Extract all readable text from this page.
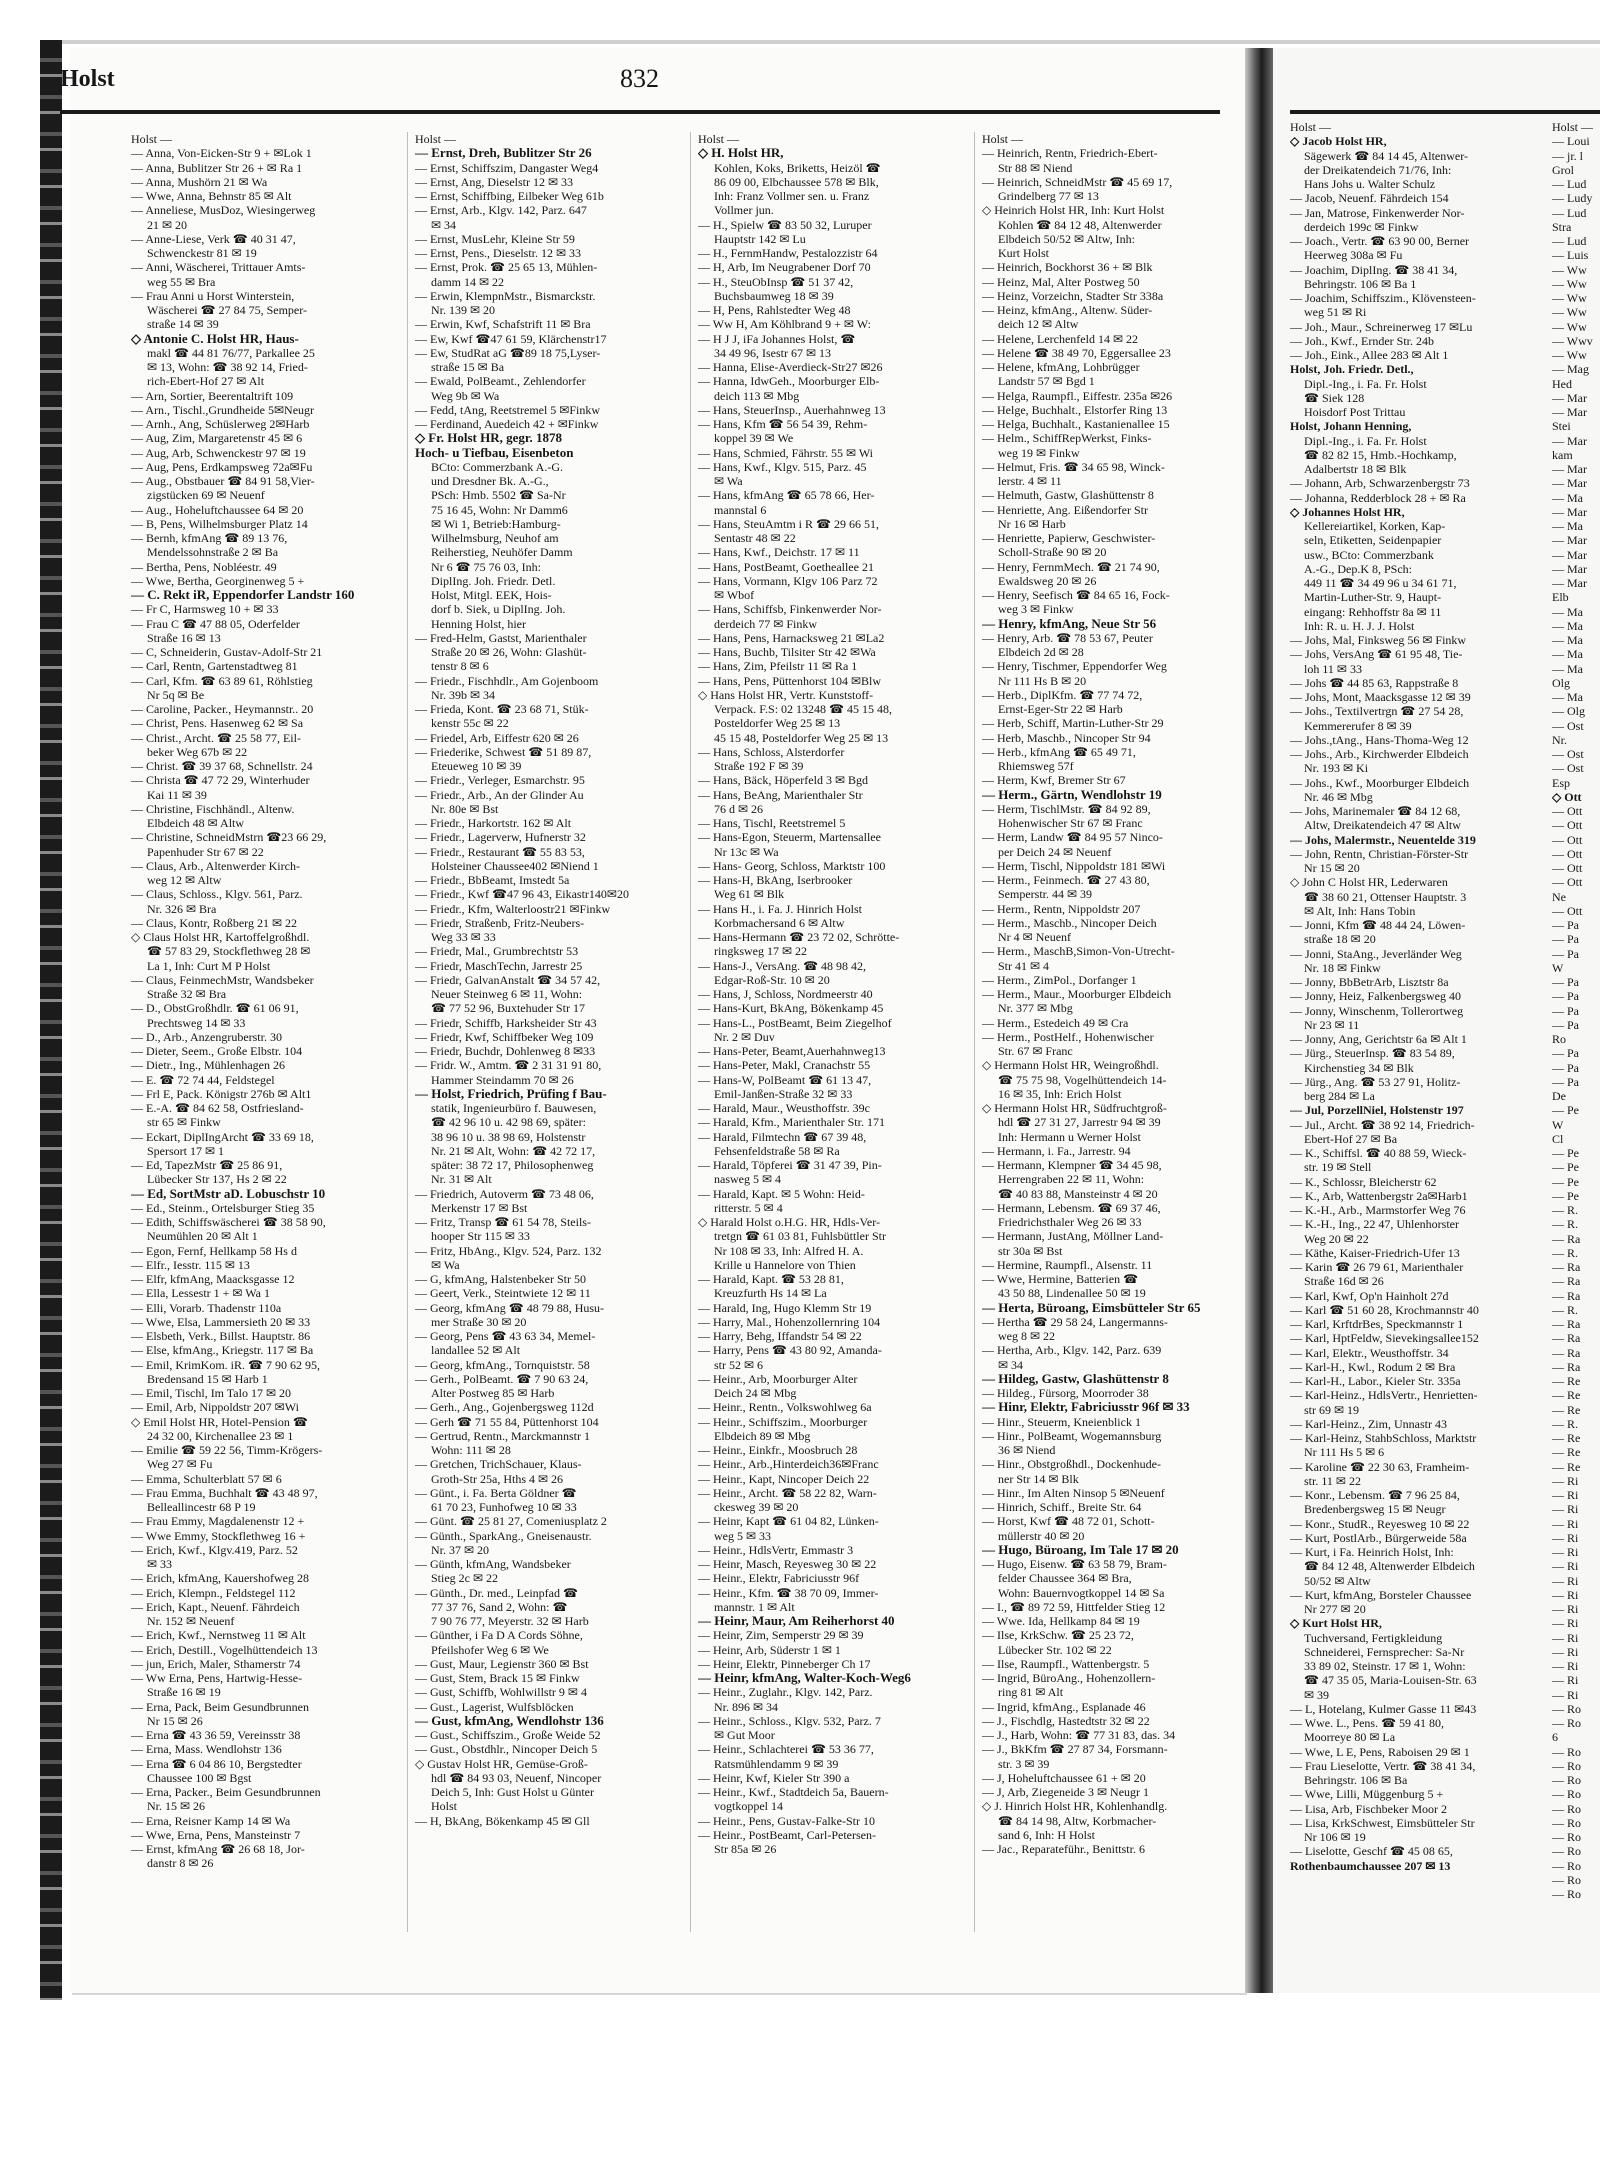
Holst	832
Holst —
— Anna, Von-Eicken-Str 9 + ✉Lok 1
— Anna, Bublitzer Str 26 + ✉ Ra 1
— Anna, Mushörn 21 ✉ Wa
— Wwe, Anna, Behnstr 85 ✉ Alt
— Anneliese, MusDoz, Wiesingerweg
21 ✉ 20
— Anne-Liese, Verk ☎ 40 31 47,
Schwenckestr 81 ✉ 19
— Anni, Wäscherei, Trittauer Amts-
weg 55 ✉ Bra
— Frau Anni u Horst Winterstein,
Wäscherei ☎ 27 84 75, Semper-
straße 14 ✉ 39
◇ Antonie C. Holst HR, Haus-
makl ☎ 44 81 76/77, Parkallee 25
✉ 13, Wohn: ☎ 38 92 14, Fried-
rich-Ebert-Hof 27 ✉ Alt
— Arn, Sortier, Beerentaltrift 109
— Arn., Tischl.,Grundheide 5✉Neugr
— Arnh., Ang, Schüslerweg 2✉Harb
— Aug, Zim, Margaretenstr 45 ✉ 6
— Aug, Arb, Schwenckestr 97 ✉ 19
— Aug, Pens, Erdkampsweg 72a✉Fu
— Aug., Obstbauer ☎ 84 91 58,Vier-
zigstücken 69 ✉ Neuenf
— Aug., Hoheluftchaussee 64 ✉ 20
— B, Pens, Wilhelmsburger Platz 14
— Bernh, kfmAng ☎ 89 13 76,
Mendelssohnstraße 2 ✉ Ba
— Bertha, Pens, Nobléestr. 49
— Wwe, Bertha, Georginenweg 5 +
— C. Rekt iR, Eppendorfer Landstr 160
— Fr C, Harmsweg 10 + ✉ 33
— Frau C ☎ 47 88 05, Oderfelder
Straße 16 ✉ 13
— C, Schneiderin, Gustav-Adolf-Str 21
— Carl, Rentn, Gartenstadtweg 81
— Carl, Kfm. ☎ 63 89 61, Röhlstieg
Nr 5q ✉ Be
— Caroline, Packer., Heymannstr.. 20
— Christ, Pens. Hasenweg 62 ✉ Sa
— Christ., Archt. ☎ 25 58 77, Eil-
beker Weg 67b ✉ 22
— Christ. ☎ 39 37 68, Schnellstr. 24
— Christa ☎ 47 72 29, Winterhuder
Kai 11 ✉ 39
— Christine, Fischhändl., Altenw.
Elbdeich 48 ✉ Altw
— Christine, SchneidMstrn ☎23 66 29,
Papenhuder Str 67 ✉ 22
— Claus, Arb., Altenwerder Kirch-
weg 12 ✉ Altw
— Claus, Schloss., Klgv. 561, Parz.
Nr. 326 ✉ Bra
— Claus, Kontr, Roßberg 21 ✉ 22
◇ Claus Holst HR, Kartoffelgroßhdl.
☎ 57 83 29, Stockflethweg 28 ✉
La 1, Inh: Curt M P Holst
— Claus, FeinmechMstr, Wandsbeker
Straße 32 ✉ Bra
— D., ObstGroßhdlr. ☎ 61 06 91,
Prechtsweg 14 ✉ 33
— D., Arb., Anzengruberstr. 30
— Dieter, Seem., Große Elbstr. 104
— Dietr., Ing., Mühlenhagen 26
— E. ☎ 72 74 44, Feldstegel
— Frl E, Pack. Königstr 276b ✉ Alt1
— E.-A. ☎ 84 62 58, Ostfriesland-
str 65 ✉ Finkw
— Eckart, DiplIngArcht ☎ 33 69 18,
Spersort 17 ✉ 1
— Ed, TapezMstr ☎ 25 86 91,
Lübecker Str 137, Hs 2 ✉ 22
— Ed, SortMstr aD. Lobuschstr 10
— Ed., Steinm., Ortelsburger Stieg 35
— Edith, Schiffswäscherei ☎ 38 58 90,
Neumühlen 20 ✉ Alt 1
— Egon, Fernf, Hellkamp 58 Hs d
— Elfr., Iesstr. 115 ✉ 13
— Elfr, kfmAng, Maacksgasse 12
— Ella, Lessestr 1 + ✉ Wa 1
— Elli, Vorarb. Thadenstr 110a
— Wwe, Elsa, Lammersieth 20 ✉ 33
— Elsbeth, Verk., Billst. Hauptstr. 86
— Else, kfmAng., Kriegstr. 117 ✉ Ba
— Emil, KrimKom. iR. ☎ 7 90 62 95,
Bredensand 15 ✉ Harb 1
— Emil, Tischl, Im Talo 17 ✉ 20
— Emil, Arb, Nippoldstr 207 ✉Wi
◇ Emil Holst HR, Hotel-Pension ☎
24 32 00, Kirchenallee 23 ✉ 1
— Emilie ☎ 59 22 56, Timm-Krögers-
Weg 27 ✉ Fu
— Emma, Schulterblatt 57 ✉ 6
— Frau Emma, Buchhalt ☎ 43 48 97,
Belleallincestr 68 P 19
— Frau Emmy, Magdalenenstr 12 +
— Wwe Emmy, Stockflethweg 16 +
— Erich, Kwf., Klgv.419, Parz. 52
✉ 33
— Erich, kfmAng, Kauershofweg 28
— Erich, Klempn., Feldstegel 112
— Erich, Kapt., Neuenf. Fährdeich
Nr. 152 ✉ Neuenf
— Erich, Kwf., Nernstweg 11 ✉ Alt
— Erich, Destill., Vogelhüttendeich 13
— jun, Erich, Maler, Sthamerstr 74
— Ww Erna, Pens, Hartwig-Hesse-
Straße 16 ✉ 19
— Erna, Pack, Beim Gesundbrunnen
Nr 15 ✉ 26
— Erna ☎ 43 36 59, Vereinsstr 38
— Erna, Mass. Wendlohstr 136
— Erna ☎ 6 04 86 10, Bergstedter
Chaussee 100 ✉ Bgst
— Erna, Packer., Beim Gesundbrunnen
Nr. 15 ✉ 26
— Erna, Reisner Kamp 14 ✉ Wa
— Wwe, Erna, Pens, Mansteinstr 7
— Ernst, kfmAng ☎ 26 68 18, Jor-
danstr 8 ✉ 26
Holst —
— Ernst, Dreh, Bublitzer Str 26
— Ernst, Schiffszim, Dangaster Weg4
— Ernst, Ang, Dieselstr 12 ✉ 33
— Ernst, Schiffbing, Eilbeker Weg 61b
— Ernst, Arb., Klgv. 142, Parz. 647
✉ 34
— Ernst, MusLehr, Kleine Str 59
— Ernst, Pens., Dieselstr. 12 ✉ 33
— Ernst, Prok. ☎ 25 65 13, Mühlen-
damm 14 ✉ 22
— Erwin, KlempnMstr., Bismarckstr.
Nr. 139 ✉ 20
— Erwin, Kwf, Schafstrift 11 ✉ Bra
— Ew, Kwf ☎47 61 59, Klärchenstr17
— Ew, StudRat aG ☎89 18 75,Lyser-
straße 15 ✉ Ba
— Ewald, PolBeamt., Zehlendorfer
Weg 9b ✉ Wa
— Fedd, tAng, Reetstremel 5 ✉Finkw
— Ferdinand, Auedeich 42 + ✉Finkw
◇ Fr. Holst HR, gegr. 1878
Hoch- u Tiefbau, Eisenbeton
BCto: Commerzbank A.-G.
und Dresdner Bk. A.-G.,
PSch: Hmb. 5502 ☎ Sa-Nr
75 16 45, Wohn: Nr Damm6
✉ Wi 1, Betrieb:Hamburg-
Wilhelmsburg, Neuhof am
Reiherstieg, Neuhöfer Damm
Nr 6 ☎ 75 76 03, Inh:
DiplIng. Joh. Friedr. Detl.
Holst, Mitgl. EEK, Hois-
dorf b. Siek, u DiplIng. Joh.
Henning Holst, hier
— Fred-Helm, Gastst, Marienthaler
Straße 20 ✉ 26, Wohn: Glashüt-
tenstr 8 ✉ 6
— Friedr., Fischhdlr., Am Gojenboom
Nr. 39b ✉ 34
— Frieda, Kont. ☎ 23 68 71, Stük-
kenstr 55c ✉ 22
— Friedel, Arb, Eiffestr 620 ✉ 26
— Friederike, Schwest ☎ 51 89 87,
Eteueweg 10 ✉ 39
— Friedr., Verleger, Esmarchstr. 95
— Friedr., Arb., An der Glinder Au
Nr. 80e ✉ Bst
— Friedr., Harkortstr. 162 ✉ Alt
— Friedr., Lagerverw, Hufnerstr 32
— Friedr., Restaurant ☎ 55 83 53,
Holsteiner Chaussee402 ✉Niend 1
— Friedr., BbBeamt, Imstedt 5a
— Friedr., Kwf ☎47 96 43, Eikastr140✉20
— Friedr., Kfm, Walterloostr21 ✉Finkw
— Friedr, Straßenb, Fritz-Neubers-
Weg 33 ✉ 33
— Friedr, Mal., Grumbrechtstr 53
— Friedr, MaschTechn, Jarrestr 25
— Friedr, GalvanAnstalt ☎ 34 57 42,
Neuer Steinweg 6 ✉ 11, Wohn:
☎ 77 52 96, Buxtehuder Str 17
— Friedr, Schiffb, Harksheider Str 43
— Friedr, Kwf, Schiffbeker Weg 109
— Friedr, Buchdr, Dohlenweg 8 ✉33
— Fridr. W., Amtm. ☎ 2 31 31 91 80,
Hammer Steindamm 70 ✉ 26
— Holst, Friedrich, Prüfing f Bau-
statik, Ingenieurbüro f. Bauwesen,
☎ 42 96 10 u. 42 98 69, später:
38 96 10 u. 38 98 69, Holstenstr
Nr. 21 ✉ Alt, Wohn: ☎ 42 72 17,
später: 38 72 17, Philosophenweg
Nr. 31 ✉ Alt
— Friedrich, Autoverm ☎ 73 48 06,
Merkenstr 17 ✉ Bst
— Fritz, Transp ☎ 61 54 78, Steils-
hooper Str 115 ✉ 33
— Fritz, HbAng., Klgv. 524, Parz. 132
✉ Wa
— G, kfmAng, Halstenbeker Str 50
— Geert, Verk., Steintwiete 12 ✉ 11
— Georg, kfmAng ☎ 48 79 88, Husu-
mer Straße 30 ✉ 20
— Georg, Pens ☎ 43 63 34, Memel-
landallee 52 ✉ Alt
— Georg, kfmAng., Tornquiststr. 58
— Gerh., PolBeamt. ☎ 7 90 63 24,
Alter Postweg 85 ✉ Harb
— Gerh., Ang., Gojenbergsweg 112d
— Gerh ☎ 71 55 84, Püttenhorst 104
— Gertrud, Rentn., Marckmannstr 1
Wohn: 111 ✉ 28
— Gretchen, TrichSchauer, Klaus-
Groth-Str 25a, Hths 4 ✉ 26
— Günt., i. Fa. Berta Göldner ☎
61 70 23, Funhofweg 10 ✉ 33
— Günt. ☎ 25 81 27, Comeniusplatz 2
— Günth., SparkAng., Gneisenaustr.
Nr. 37 ✉ 20
— Günth, kfmAng, Wandsbeker
Stieg 2c ✉ 22
— Günth., Dr. med., Leinpfad ☎
77 37 76, Sand 2, Wohn: ☎
7 90 76 77, Meyerstr. 32 ✉ Harb
— Günther, i Fa D A Cords Söhne,
Pfeilshofer Weg 6 ✉ We
— Gust, Maur, Legienstr 360 ✉ Bst
— Gust, Stem, Brack 15 ✉ Finkw
— Gust, Schiffb, Wohlwillstr 9 ✉ 4
— Gust., Lagerist, Wulfsblöcken
— Gust, kfmAng, Wendlohstr 136
— Gust., Schiffszim., Große Weide 52
— Gust., Obstdhlr., Nincoper Deich 5
◇ Gustav Holst HR, Gemüse-Groß-
hdl ☎ 84 93 03, Neuenf, Nincoper
Deich 5, Inh: Gust Holst u Günter
Holst
— H, BkAng, Bökenkamp 45 ✉ Gll
Holst —
◇ H. Holst HR,
Kohlen, Koks, Briketts, Heizöl ☎
86 09 00, Elbchaussee 578 ✉ Blk,
Inh: Franz Vollmer sen. u. Franz
Vollmer jun.
— H., Spielw ☎ 83 50 32, Luruper
Hauptstr 142 ✉ Lu
— H., FernmHandw, Pestalozzistr 64
— H, Arb, Im Neugrabener Dorf 70
— H., SteuObInsp ☎ 51 37 42,
Buchsbaumweg 18 ✉ 39
— H, Pens, Rahlstedter Weg 48
— Ww H, Am Köhlbrand 9 + ✉ W:
— H J J, iFa Johannes Holst, ☎
34 49 96, Isestr 67 ✉ 13
— Hanna, Elise-Averdieck-Str27 ✉26
— Hanna, IdwGeh., Moorburger Elb-
deich 113 ✉ Mbg
— Hans, SteuerInsp., Auerhahnweg 13
— Hans, Kfm ☎ 56 54 39, Rehm-
koppel 39 ✉ We
— Hans, Schmied, Fährstr. 55 ✉ Wi
— Hans, Kwf., Klgv. 515, Parz. 45
✉ Wa
— Hans, kfmAng ☎ 65 78 66, Her-
mannstal 6
— Hans, SteuAmtm i R ☎ 29 66 51,
Sentastr 48 ✉ 22
— Hans, Kwf., Deichstr. 17 ✉ 11
— Hans, PostBeamt, Goetheallee 21
— Hans, Vormann, Klgv 106 Parz 72
✉ Wbof
— Hans, Schiffsb, Finkenwerder Nor-
derdeich 77 ✉ Finkw
— Hans, Pens, Harnacksweg 21 ✉La2
— Hans, Buchb, Tilsiter Str 42 ✉Wa
— Hans, Zim, Pfeilstr 11 ✉ Ra 1
— Hans, Pens, Püttenhorst 104 ✉Blw
◇ Hans Holst HR, Vertr. Kunststoff-
Verpack. F.S: 02 13248 ☎ 45 15 48,
Posteldorfer Weg 25 ✉ 13
45 15 48, Posteldorfer Weg 25 ✉ 13
— Hans, Schloss, Alsterdorfer
Straße 192 F ✉ 39
— Hans, Bäck, Höperfeld 3 ✉ Bgd
— Hans, BeAng, Marienthaler Str
76 d ✉ 26
— Hans, Tischl, Reetstremel 5
— Hans-Egon, Steuerm, Martensallee
Nr 13c ✉ Wa
— Hans- Georg, Schloss, Marktstr 100
— Hans-H, BkAng, Iserbrooker
Weg 61 ✉ Blk
— Hans H., i. Fa. J. Hinrich Holst
Korbmachersand 6 ✉ Altw
— Hans-Hermann ☎ 23 72 02, Schrötte-
ringksweg 17 ✉ 22
— Hans-J., VersAng. ☎ 48 98 42,
Edgar-Roß-Str. 10 ✉ 20
— Hans, J, Schloss, Nordmeerstr 40
— Hans-Kurt, BkAng, Bökenkamp 45
— Hans-L., PostBeamt, Beim Ziegelhof
Nr. 2 ✉ Duv
— Hans-Peter, Beamt,Auerhahnweg13
— Hans-Peter, Makl, Cranachstr 55
— Hans-W, PolBeamt ☎ 61 13 47,
Emil-Janßen-Straße 32 ✉ 33
— Harald, Maur., Weusthoffstr. 39c
— Harald, Kfm., Marienthaler Str. 171
— Harald, Filmtechn ☎ 67 39 48,
Fehsenfeldstraße 58 ✉ Ra
— Harald, Töpferei ☎ 31 47 39, Pin-
nasweg 5 ✉ 4
— Harald, Kapt. ✉ 5 Wohn: Heid-
ritterstr. 5 ✉ 4
◇ Harald Holst o.H.G. HR, Hdls-Ver-
tretgn ☎ 61 03 81, Fuhlsbüttler Str
Nr 108 ✉ 33, Inh: Alfred H. A.
Krille u Hannelore von Thien
— Harald, Kapt. ☎ 53 28 81,
Kreuzfurth Hs 14 ✉ La
— Harald, Ing, Hugo Klemm Str 19
— Harry, Mal., Hohenzollernring 104
— Harry, Behg, Iffandstr 54 ✉ 22
— Harry, Pens ☎ 43 80 92, Amanda-
str 52 ✉ 6
— Heinr., Arb, Moorburger Alter
Deich 24 ✉ Mbg
— Heinr., Rentn., Volkswohlweg 6a
— Heinr., Schiffszim., Moorburger
Elbdeich 89 ✉ Mbg
— Heinr., Einkfr., Moosbruch 28
— Heinr., Arb.,Hinterdeich36✉Franc
— Heinr., Kapt, Nincoper Deich 22
— Heinr., Archt. ☎ 58 22 82, Warn-
ckesweg 39 ✉ 20
— Heinr, Kapt ☎ 61 04 82, Lünken-
weg 5 ✉ 33
— Heinr., HdlsVertr, Emmastr 3
— Heinr, Masch, Reyesweg 30 ✉ 22
— Heinr., Elektr, Fabriciusstr 96f
— Heinr., Kfm. ☎ 38 70 09, Immer-
mannstr. 1 ✉ Alt
— Heinr, Maur, Am Reiherhorst 40
— Heinr, Zim, Semperstr 29 ✉ 39
— Heinr, Arb, Süderstr 1 ✉ 1
— Heinr, Elektr, Pinneberger Ch 17
— Heinr, kfmAng, Walter-Koch-Weg6
— Heinr., Zuglahr., Klgv. 142, Parz.
Nr. 896 ✉ 34
— Heinr., Schloss., Klgv. 532, Parz. 7
✉ Gut Moor
— Heinr., Schlachterei ☎ 53 36 77,
Ratsmühlendamm 9 ✉ 39
— Heinr, Kwf, Kieler Str 390 a
— Heinr., Kwf., Stadtdeich 5a, Bauern-
vogtkoppel 14
— Heinr., Pens, Gustav-Falke-Str 10
— Heinr., PostBeamt, Carl-Petersen-
Str 85a ✉ 26
Holst —
— Heinrich, Rentn, Friedrich-Ebert-
Str 88 ✉ Niend
— Heinrich, SchneidMstr ☎ 45 69 17,
Grindelberg 77 ✉ 13
◇ Heinrich Holst HR, Inh: Kurt Holst
Kohlen ☎ 84 12 48, Altenwerder
Elbdeich 50/52 ✉ Altw, Inh:
Kurt Holst
— Heinrich, Bockhorst 36 + ✉ Blk
— Heinz, Mal, Alter Postweg 50
— Heinz, Vorzeichn, Stadter Str 338a
— Heinz, kfmAng., Altenw. Süder-
deich 12 ✉ Altw
— Helene, Lerchenfeld 14 ✉ 22
— Helene ☎ 38 49 70, Eggersallee 23
— Helene, kfmAng, Lohbrügger
Landstr 57 ✉ Bgd 1
— Helga, Raumpfl., Eiffestr. 235a ✉26
— Helge, Buchhalt., Elstorfer Ring 13
— Helga, Buchhalt., Kastanienallee 15
— Helm., SchiffRepWerkst, Finks-
weg 19 ✉ Finkw
— Helmut, Fris. ☎ 34 65 98, Winck-
lerstr. 4 ✉ 11
— Helmuth, Gastw, Glashüttenstr 8
— Henriette, Ang. Eißendorfer Str
Nr 16 ✉ Harb
— Henriette, Papierw, Geschwister-
Scholl-Straße 90 ✉ 20
— Henry, FernmMech. ☎ 21 74 90,
Ewaldsweg 20 ✉ 26
— Henry, Seefisch ☎ 84 65 16, Fock-
weg 3 ✉ Finkw
— Henry, kfmAng, Neue Str 56
— Henry, Arb. ☎ 78 53 67, Peuter
Elbdeich 2d ✉ 28
— Henry, Tischmer, Eppendorfer Weg
Nr 111 Hs B ✉ 20
— Herb., DiplKfm. ☎ 77 74 72,
Ernst-Eger-Str 22 ✉ Harb
— Herb, Schiff, Martin-Luther-Str 29
— Herb, Maschb., Nincoper Str 94
— Herb., kfmAng ☎ 65 49 71,
Rhiemsweg 57f
— Herm, Kwf, Bremer Str 67
— Herm., Gärtn, Wendlohstr 19
— Herm, TischlMstr. ☎ 84 92 89,
Hohenwischer Str 67 ✉ Franc
— Herm, Landw ☎ 84 95 57 Ninco-
per Deich 24 ✉ Neuenf
— Herm, Tischl, Nippoldstr 181 ✉Wi
— Herm., Feinmech. ☎ 27 43 80,
Semperstr. 44 ✉ 39
— Herm., Rentn, Nippoldstr 207
— Herm., Maschb., Nincoper Deich
Nr 4 ✉ Neuenf
— Herm., MaschB,Simon-Von-Utrecht-
Str 41 ✉ 4
— Herm., ZimPol., Dorfanger 1
— Herm., Maur., Moorburger Elbdeich
Nr. 377 ✉ Mbg
— Herm., Estedeich 49 ✉ Cra
— Herm., PostHelf., Hohenwischer
Str. 67 ✉ Franc
◇ Hermann Holst HR, Weingroßhdl.
☎ 75 75 98, Vogelhüttendeich 14-
16 ✉ 35, Inh: Erich Holst
◇ Hermann Holst HR, Südfruchtgroß-
hdl ☎ 27 31 27, Jarrestr 94 ✉ 39
Inh: Hermann u Werner Holst
— Hermann, i. Fa., Jarrestr. 94
— Hermann, Klempner ☎ 34 45 98,
Herrengraben 22 ✉ 11, Wohn:
☎ 40 83 88, Mansteinstr 4 ✉ 20
— Hermann, Lebensm. ☎ 69 37 46,
Friedrichsthaler Weg 26 ✉ 33
— Hermann, JustAng, Möllner Land-
str 30a ✉ Bst
— Hermine, Raumpfl., Alsenstr. 11
— Wwe, Hermine, Batterien ☎
43 50 88, Lindenallee 50 ✉ 19
— Herta, Büroang, Eimsbütteler Str 65
— Hertha ☎ 29 58 24, Langermanns-
weg 8 ✉ 22
— Hertha, Arb., Klgv. 142, Parz. 639
✉ 34
— Hildeg, Gastw, Glashüttenstr 8
— Hildeg., Fürsorg, Moorroder 38
— Hinr, Elektr, Fabriciusstr 96f ✉ 33
— Hinr., Steuerm, Kneienblick 1
— Hinr., PolBeamt, Wogemannsburg
36 ✉ Niend
— Hinr., Obstgroßhdl., Dockenhude-
ner Str 14 ✉ Blk
— Hinr., Im Alten Ninsop 5 ✉Neuenf
— Hinrich, Schiff., Breite Str. 64
— Horst, Kwf ☎ 48 72 01, Schott-
müllerstr 40 ✉ 20
— Hugo, Büroang, Im Tale 17 ✉ 20
— Hugo, Eisenw. ☎ 63 58 79, Bram-
felder Chaussee 364 ✉ Bra,
Wohn: Bauernvogtkoppel 14 ✉ Sa
— I., ☎ 89 72 59, Hittfelder Stieg 12
— Wwe. Ida, Hellkamp 84 ✉ 19
— Ilse, KrkSchw. ☎ 25 23 72,
Lübecker Str. 102 ✉ 22
— Ilse, Raumpfl., Wattenbergstr. 5
— Ingrid, BüroAng., Hohenzollern-
ring 81 ✉ Alt
— Ingrid, kfmAng., Esplanade 46
— J., Fischdlg, Hastedtstr 32 ✉ 22
— J., Harb, Wohn: ☎ 77 31 83, das. 34
— J., BkKfm ☎ 27 87 34, Forsmann-
str. 3 ✉ 39
— J, Hoheluftchaussee 61 + ✉ 20
— J, Arb, Ziegeneide 3 ✉ Neugr 1
◇ J. Hinrich Holst HR, Kohlenhandlg.
☎ 84 14 98, Altw, Korbmacher-
sand 6, Inh: H Holst
— Jac., Reparateführ., Benittstr. 6
Holst —
◇ Jacob Holst HR,
Sägewerk ☎ 84 14 45, Altenwer-
der Dreikatendeich 71/76, Inh:
Hans Johs u. Walter Schulz
— Jacob, Neuenf. Fährdeich 154
— Jan, Matrose, Finkenwerder Nor-
derdeich 199c ✉ Finkw
— Joach., Vertr. ☎ 63 90 00, Berner
Heerweg 308a ✉ Fu
— Joachim, DiplIng. ☎ 38 41 34,
Behringstr. 106 ✉ Ba 1
— Joachim, Schiffszim., Klövensteen-
weg 51 ✉ Ri
— Joh., Maur., Schreinerweg 17 ✉Lu
— Joh., Kwf., Ernder Str. 24b
— Joh., Eink., Allee 283 ✉ Alt 1
Holst, Joh. Friedr. Detl.,
Dipl.-Ing., i. Fa. Fr. Holst
☎ Siek 128
Hoisdorf Post Trittau
Holst, Johann Henning,
Dipl.-Ing., i. Fa. Fr. Holst
☎ 82 82 15, Hmb.-Hochkamp,
Adalbertstr 18 ✉ Blk
— Johann, Arb, Schwarzenbergstr 73
— Johanna, Redderblock 28 + ✉ Ra
◇ Johannes Holst HR,
Kellereiartikel, Korken, Kap-
seln, Etiketten, Seidenpapier
usw., BCto: Commerzbank
A.-G., Dep.K 8, PSch:
449 11 ☎ 34 49 96 u 34 61 71,
Martin-Luther-Str. 9, Haupt-
eingang: Rehhoffstr 8a ✉ 11
Inh: R. u. H. J. J. Holst
— Johs, Mal, Finksweg 56 ✉ Finkw
— Johs, VersAng ☎ 61 95 48, Tie-
loh 11 ✉ 33
— Johs ☎ 44 85 63, Rappstraße 8
— Johs, Mont, Maacksgasse 12 ✉ 39
— Johs., Textilvertrgn ☎ 27 54 28,
Kemmererufer 8 ✉ 39
— Johs.,tAng., Hans-Thoma-Weg 12
— Johs., Arb., Kirchwerder Elbdeich
Nr. 193 ✉ Ki
— Johs., Kwf., Moorburger Elbdeich
Nr. 46 ✉ Mbg
— Johs, Marinemaler ☎ 84 12 68,
Altw, Dreikatendeich 47 ✉ Altw
— Johs, Malermstr., Neuentelde 319
— John, Rentn, Christian-Förster-Str
Nr 15 ✉ 20
◇ John C Holst HR, Lederwaren
☎ 38 60 21, Ottenser Hauptstr. 3
✉ Alt, Inh: Hans Tobin
— Jonni, Kfm ☎ 48 44 24, Löwen-
straße 18 ✉ 20
— Jonni, StaAng., Jeverländer Weg
Nr. 18 ✉ Finkw
— Jonny, BbBetrArb, Lisztstr 8a
— Jonny, Heiz, Falkenbergsweg 40
— Jonny, Winschenm, Tollerortweg
Nr 23 ✉ 11
— Jonny, Ang, Gerichtstr 6a ✉ Alt 1
— Jürg., SteuerInsp. ☎ 83 54 89,
Kirchenstieg 34 ✉ Blk
— Jürg., Ang. ☎ 53 27 91, Holitz-
berg 284 ✉ La
— Jul, PorzellNiel, Holstenstr 197
— Jul., Archt. ☎ 38 92 14, Friedrich-
Ebert-Hof 27 ✉ Ba
— K., Schiffsl. ☎ 40 88 59, Wieck-
str. 19 ✉ Stell
— K., Schlossr, Bleicherstr 62
— K., Arb, Wattenbergstr 2a✉Harb1
— K.-H., Arb., Marmstorfer Weg 76
— K.-H., Ing., 22 47, Uhlenhorster
Weg 20 ✉ 22
— Käthe, Kaiser-Friedrich-Ufer 13
— Karin ☎ 26 79 61, Marienthaler
Straße 16d ✉ 26
— Karl, Kwf, Op'n Hainholt 27d
— Karl ☎ 51 60 28, Krochmannstr 40
— Karl, KrftdrBes, Speckmannstr 1
— Karl, HptFeldw, Sievekingsallee152
— Karl, Elektr., Weusthoffstr. 34
— Karl-H., Kwl., Rodum 2 ✉ Bra
— Karl-H., Labor., Kieler Str. 335a
— Karl-Heinz., HdlsVertr., Henrietten-
str 69 ✉ 19
— Karl-Heinz., Zim, Unnastr 43
— Karl-Heinz, StahbSchloss, Marktstr
Nr 111 Hs 5 ✉ 6
— Karoline ☎ 22 30 63, Framheim-
str. 11 ✉ 22
— Konr., Lebensm. ☎ 7 96 25 84,
Bredenbergsweg 15 ✉ Neugr
— Konr., StudR., Reyesweg 10 ✉ 22
— Kurt, PostlArb., Bürgerweide 58a
— Kurt, i Fa. Heinrich Holst, Inh:
☎ 84 12 48, Altenwerder Elbdeich
50/52 ✉ Altw
— Kurt, kfmAng, Borsteler Chaussee
Nr 277 ✉ 20
◇ Kurt Holst HR,
Tuchversand, Fertigkleidung
Schneiderei, Fernsprecher: Sa-Nr
33 89 02, Steinstr. 17 ✉ 1, Wohn:
☎ 47 35 05, Maria-Louisen-Str. 63
✉ 39
— L, Hotelang, Kulmer Gasse 11 ✉43
— Wwe. L., Pens. ☎ 59 41 80,
Moorreye 80 ✉ La
— Wwe, L E, Pens, Raboisen 29 ✉ 1
— Frau Lieselotte, Vertr. ☎ 38 41 34,
Behringstr. 106 ✉ Ba
— Wwe, Lilli, Müggenburg 5 +
— Lisa, Arb, Fischbeker Moor 2
— Lisa, KrkSchwest, Eimsbütteler Str
Nr 106 ✉ 19
— Liselotte, Geschf ☎ 45 08 65,
Rothenbaumchaussee 207 ✉ 13
Holst —
— Loui
— jr. l
Grol
— Lud
— Ludy
— Lud
Stra
— Lud
— Luis
— Ww
— Ww
— Ww
— Ww
— Ww
— Wwv
— Ww
— Mag
Hed
— Mar
— Mar
Stei
— Mar
kam
— Mar
— Mar
— Ma
— Mar
— Ma
— Mar
— Mar
— Mar
— Mar
Elb
— Ma
— Ma
— Ma
— Ma
— Ma
Olg
— Ma
— Olg
— Ost
Nr.
— Ost
— Ost
Esp
◇ Ott
— Ott
— Ott
— Ott
— Ott
— Ott
— Ott
Ne
— Ott
— Pa
— Pa
— Pa
W
— Pa
— Pa
— Pa
— Pa
Ro
— Pa
— Pa
— Pa
De
— Pe
W
Cl
— Pe
— Pe
— Pe
— Pe
— R.
— R.
— Ra
— R.
— Ra
— Ra
— Ra
— R.
— Ra
— Ra
— Ra
— Ra
— Re
— Re
— Re
— R.
— Re
— Re
— Re
— Ri
— Ri
— Ri
— Ri
— Ri
— Ri
— Ri
— Ri
— Ri
— Ri
— Ri
— Ri
— Ri
— Ri
— Ri
— Ri
— Ro
— Ro
6
— Ro
— Ro
— Ro
— Ro
— Ro
— Ro
— Ro
— Ro
— Ro
— Ro
— Ro
